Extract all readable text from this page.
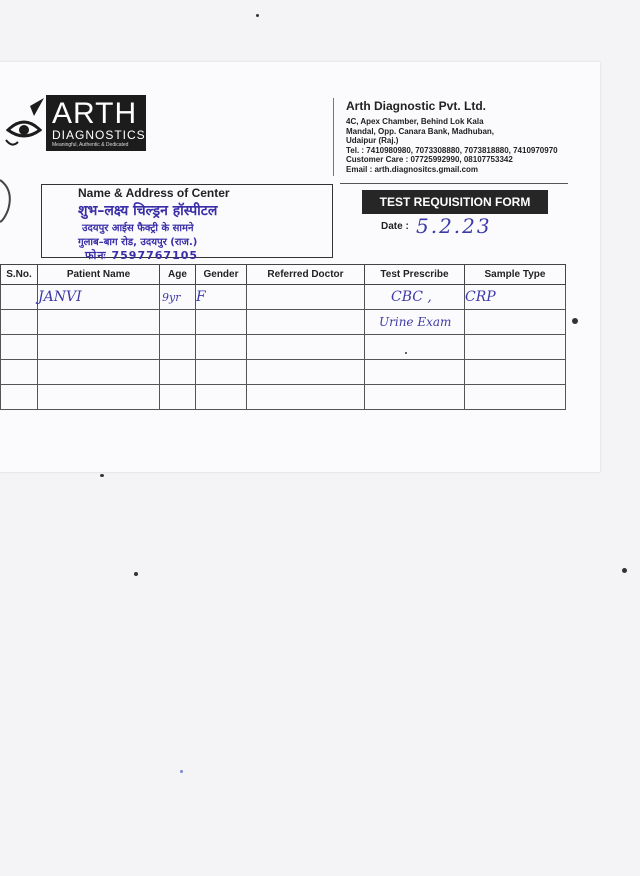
ARTH
DIAGNOSTICS
Meaningful, Authentic & Dedicated
Arth Diagnostic Pvt. Ltd.
4C, Apex Chamber, Behind Lok Kala
Mandal, Opp. Canara Bank, Madhuban,
Udaipur (Raj.)
Tel. : 7410980980, 7073308880, 7073818880, 7410970970
Customer Care : 07725992990, 08107753342
Email : arth.diagnositcs.gmail.com
Name & Address of Center
शुभ–लक्ष्य चिल्ड्रन हॉस्पीटल
उदयपुर आईस फैक्ट्री के सामने
गुलाब–बाग रोड, उदयपुर (राज.)
फोनः 7597767105
TEST REQUISITION FORM
Date : 5.2.23
S.No.	Patient Name	Age	Gender	Referred Doctor	Test Prescribe	Sample Type
	JANVI	9yr	F		CBC ,	CRP
					Urine Exam	
